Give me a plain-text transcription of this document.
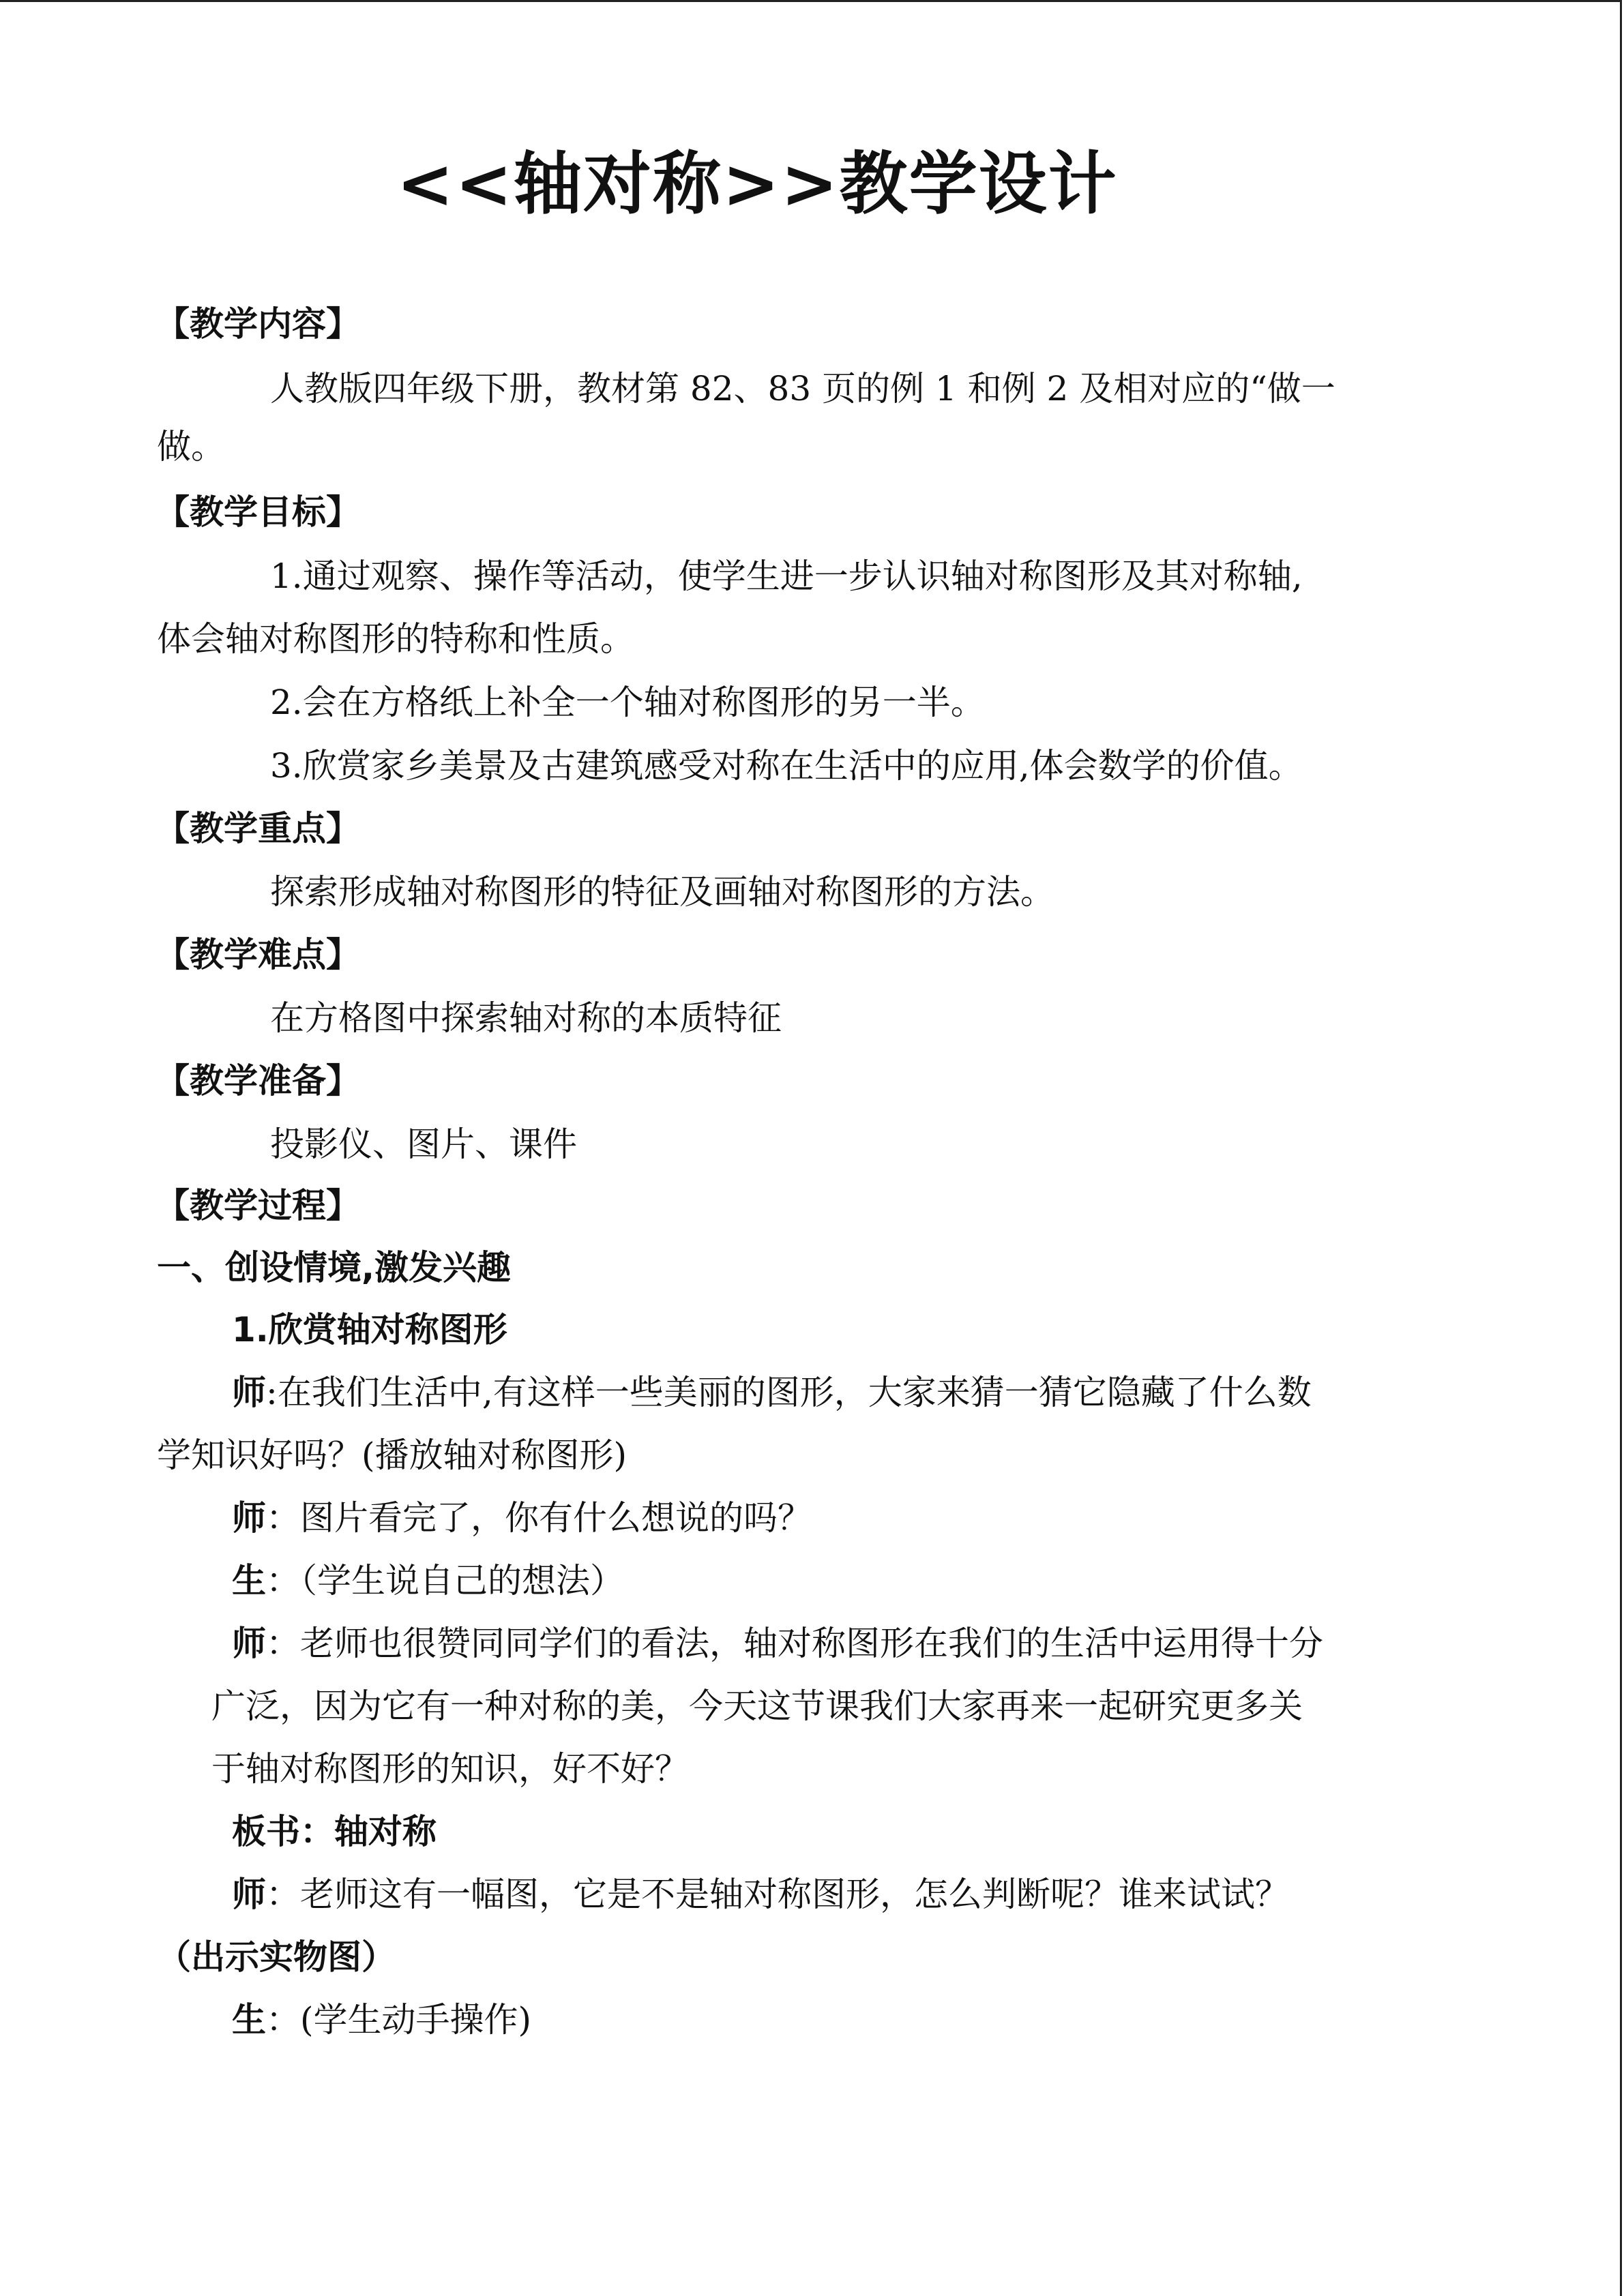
<<轴对称>>教学设计
【教学内容】
人教版四年级下册，教材第 82、83 页的例 1 和例 2 及相对应的“做一
做。
【教学目标】
1.通过观察、操作等活动，使学生进一步认识轴对称图形及其对称轴,
体会轴对称图形的特称和性质。
2.会在方格纸上补全一个轴对称图形的另一半。
3.欣赏家乡美景及古建筑感受对称在生活中的应用,体会数学的价值。
【教学重点】
探索形成轴对称图形的特征及画轴对称图形的方法。
【教学难点】
在方格图中探索轴对称的本质特征
【教学准备】
投影仪、图片、课件
【教学过程】
一、创设情境,激发兴趣
1.欣赏轴对称图形
师:在我们生活中,有这样一些美丽的图形，大家来猜一猜它隐藏了什么数
学知识好吗？(播放轴对称图形)
师：图片看完了，你有什么想说的吗？
生：（学生说自己的想法）
师：老师也很赞同同学们的看法，轴对称图形在我们的生活中运用得十分
广泛，因为它有一种对称的美，今天这节课我们大家再来一起研究更多关
于轴对称图形的知识，好不好？
板书：轴对称
师：老师这有一幅图，它是不是轴对称图形，怎么判断呢？谁来试试？
（出示实物图）
生：(学生动手操作)
